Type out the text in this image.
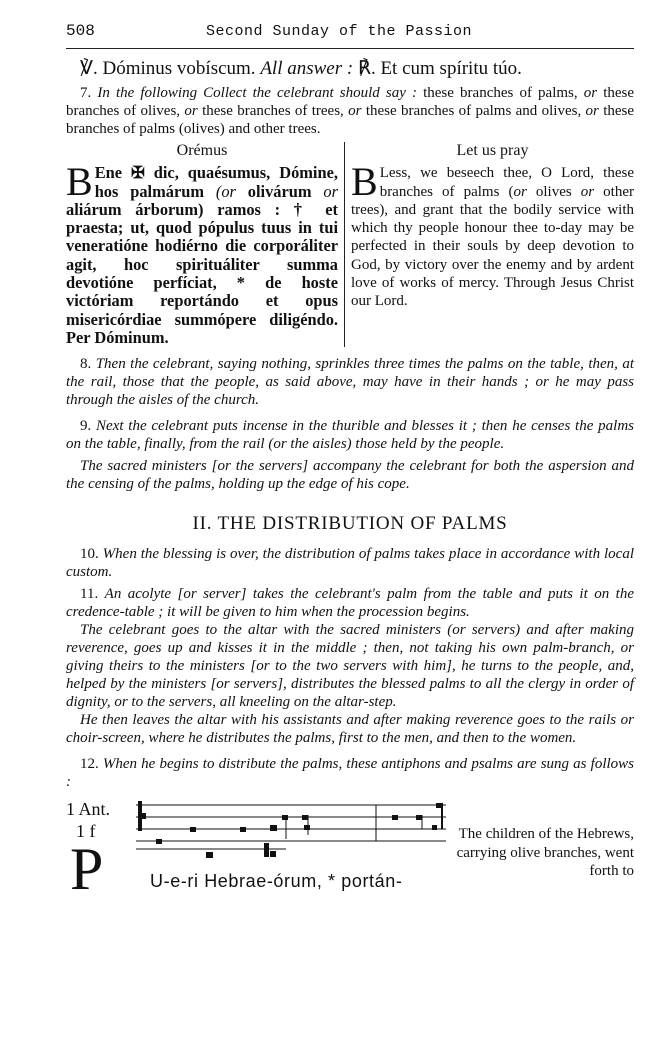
508	Second Sunday of the Passion
℣. Dóminus vobíscum. All answer : ℟. Et cum spíritu túo.

7. In the following Collect the celebrant should say : these branches of palms, or these branches of olives, or these branches of trees, or these branches of palms and olives, or these branches of palms (olives) and other trees.

Orémus
B Ene ✠ dic, quaésumus, Dómine, hos palmárum (or olivárum or aliárum árborum) ramos : † et praesta; ut, quod pópulus tuus in tui veneratióne hodiérno die corporáliter agit, hoc spirituáliter summa devotióne perfíciat, * de hoste victóriam reportándo et opus misericórdiae summópere diligéndo. Per Dóminum.
Let us pray
B Less, we beseech thee, O Lord, these branches of palms (or olives or other trees), and grant that the bodily service with which thy people honour thee to-day may be perfected in their souls by deep devotion to God, by victory over the enemy and by ardent love of works of mercy. Through Jesus Christ our Lord.

8. Then the celebrant, saying nothing, sprinkles three times the palms on the table, then, at the rail, those that the people, as said above, may have in their hands ; or he may pass through the aisles of the church.

9. Next the celebrant puts incense in the thurible and blesses it ; then he censes the palms on the table, finally, from the rail (or the aisles) those held by the people.

The sacred ministers [or the servers] accompany the celebrant for both the aspersion and the censing of the palms, holding up the edge of his cope.

II. THE DISTRIBUTION OF PALMS

10. When the blessing is over, the distribution of palms takes place in accordance with local custom.

11. An acolyte [or server] takes the celebrant's palm from the table and puts it on the credence-table ; it will be given to him when the procession begins.

The celebrant goes to the altar with the sacred ministers (or servers) and after making reverence, goes up and kisses it in the middle ; then, not taking his own palm-branch, or giving theirs to the ministers [or to the two servers with him], he turns to the people, and, helped by the ministers [or servers], distributes the blessed palms to all the clergy in order of dignity, or to the servers, all kneeling on the altar-step.

He then leaves the altar with his assistants and after making reverence goes to the rails or choir-screen, where he distributes the palms, first to the men, and then to the women.

12. When he begins to distribute the palms, these antiphons and psalms are sung as follows :

1 Ant.
1 f
P	U-e-ri Hebrae-órum, * portán-
The children of the Hebrews, carrying olive branches, went forth to
